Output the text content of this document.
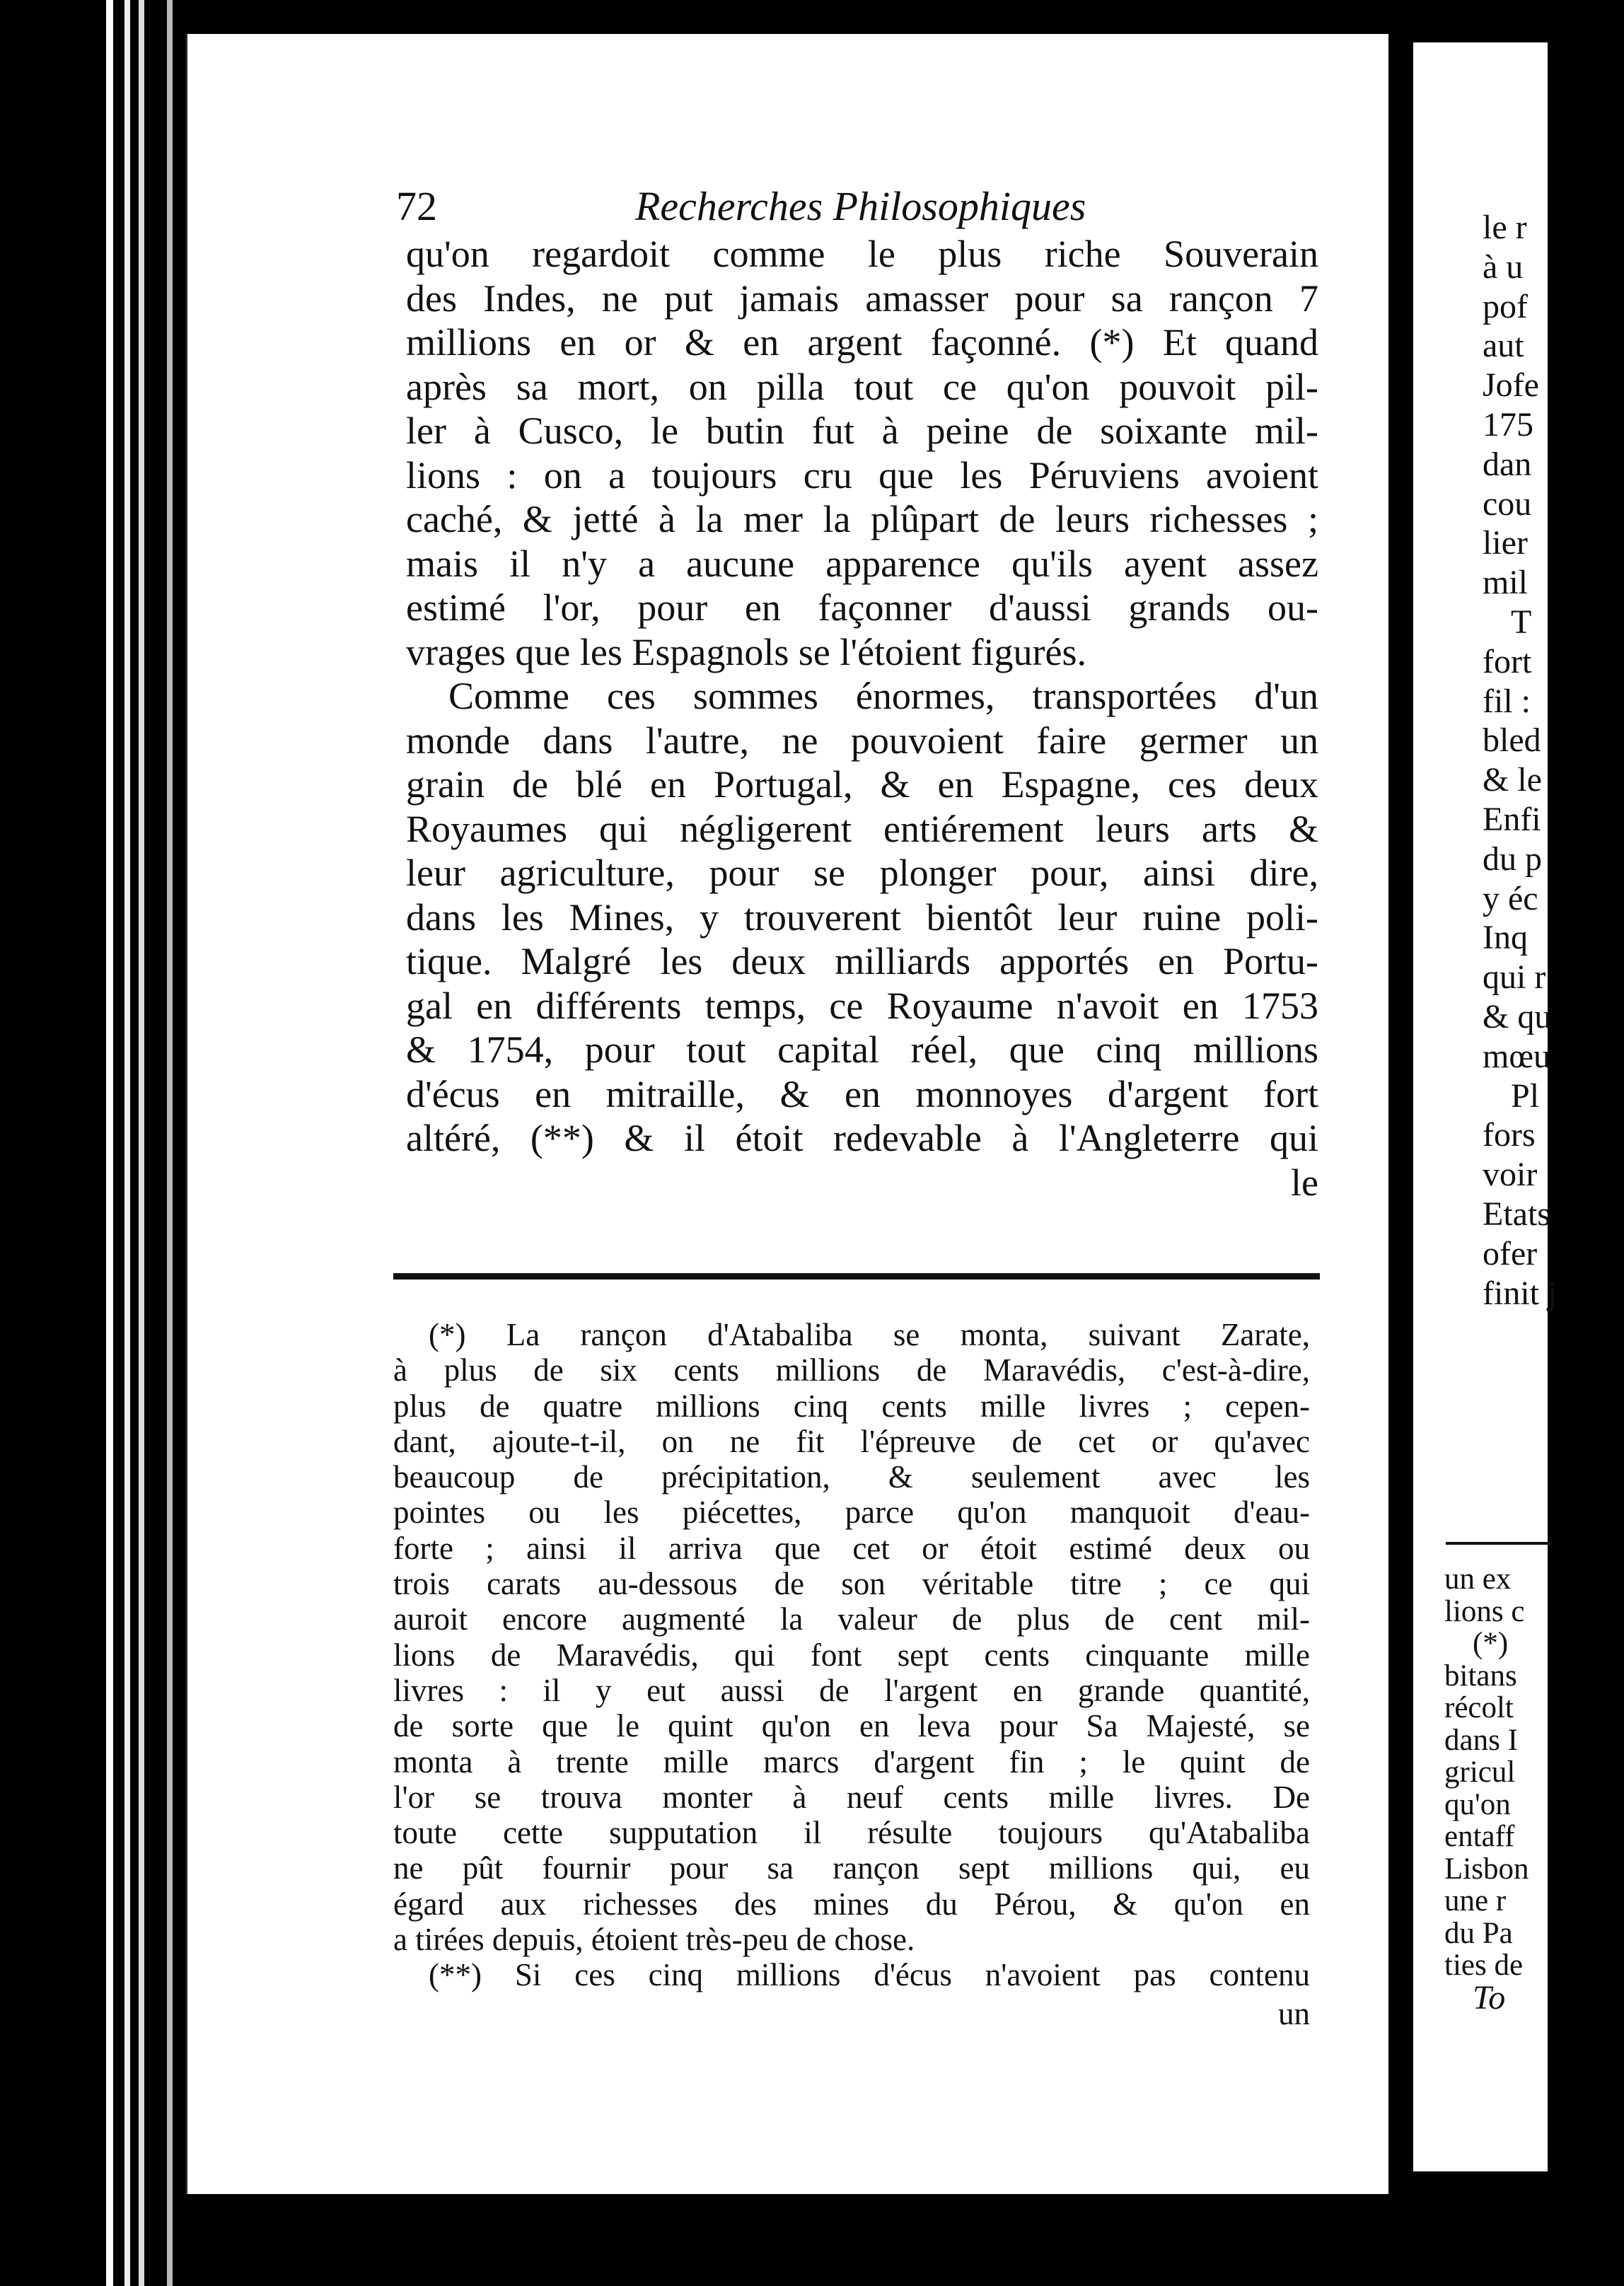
72	Recherches Philosophiques
qu'on regardoit comme le plus riche Souverain
des Indes, ne put jamais amasser pour sa rançon 7
millions en or & en argent façonné. (*) Et quand
après sa mort, on pilla tout ce qu'on pouvoit pil-
ler à Cusco, le butin fut à peine de soixante mil-
lions : on a toujours cru que les Péruviens avoient
caché, & jetté à la mer la plûpart de leurs richesses ;
mais il n'y a aucune apparence qu'ils ayent assez
estimé l'or, pour en façonner d'aussi grands ou-
vrages que les Espagnols se l'étoient figurés.
Comme ces sommes énormes, transportées d'un
monde dans l'autre, ne pouvoient faire germer un
grain de blé en Portugal, & en Espagne, ces deux
Royaumes qui négligerent entiérement leurs arts &
leur agriculture, pour se plonger pour, ainsi dire,
dans les Mines, y trouverent bientôt leur ruine poli-
tique. Malgré les deux milliards apportés en Portu-
gal en différents temps, ce Royaume n'avoit en 1753
& 1754, pour tout capital réel, que cinq millions
d'écus en mitraille, & en monnoyes d'argent fort
altéré, (**) & il étoit redevable à l'Angleterre qui
le
(*) La rançon d'Atabaliba se monta, suivant Zarate,
à plus de six cents millions de Maravédis, c'est-à-dire,
plus de quatre millions cinq cents mille livres ; cepen-
dant, ajoute-t-il, on ne fit l'épreuve de cet or qu'avec
beaucoup de précipitation, & seulement avec les
pointes ou les piécettes, parce qu'on manquoit d'eau-
forte ; ainsi il arriva que cet or étoit estimé deux ou
trois carats au-dessous de son véritable titre ; ce qui
auroit encore augmenté la valeur de plus de cent mil-
lions de Maravédis, qui font sept cents cinquante mille
livres : il y eut aussi de l'argent en grande quantité,
de sorte que le quint qu'on en leva pour Sa Majesté, se
monta à trente mille marcs d'argent fin ; le quint de
l'or se trouva monter à neuf cents mille livres. De
toute cette supputation il résulte toujours qu'Atabaliba
ne pût fournir pour sa rançon sept millions qui, eu
égard aux richesses des mines du Pérou, & qu'on en
a tirées depuis, étoient très-peu de chose.
(**) Si ces cinq millions d'écus n'avoient pas contenu
un
le r
à u
pof
aut
Jofe
175
dan
cou
lier
mil
T
fort
fil :
bled
& le
Enfi
du p
y éc
Inq
qui r
& qu
mœu
Pl
fors
voir
Etats
ofer
finit j
un ex
lions c
(*)
bitans
récolt
dans I
gricul
qu'on
entaff
Lisbon
une r
du Pa
ties de
To
